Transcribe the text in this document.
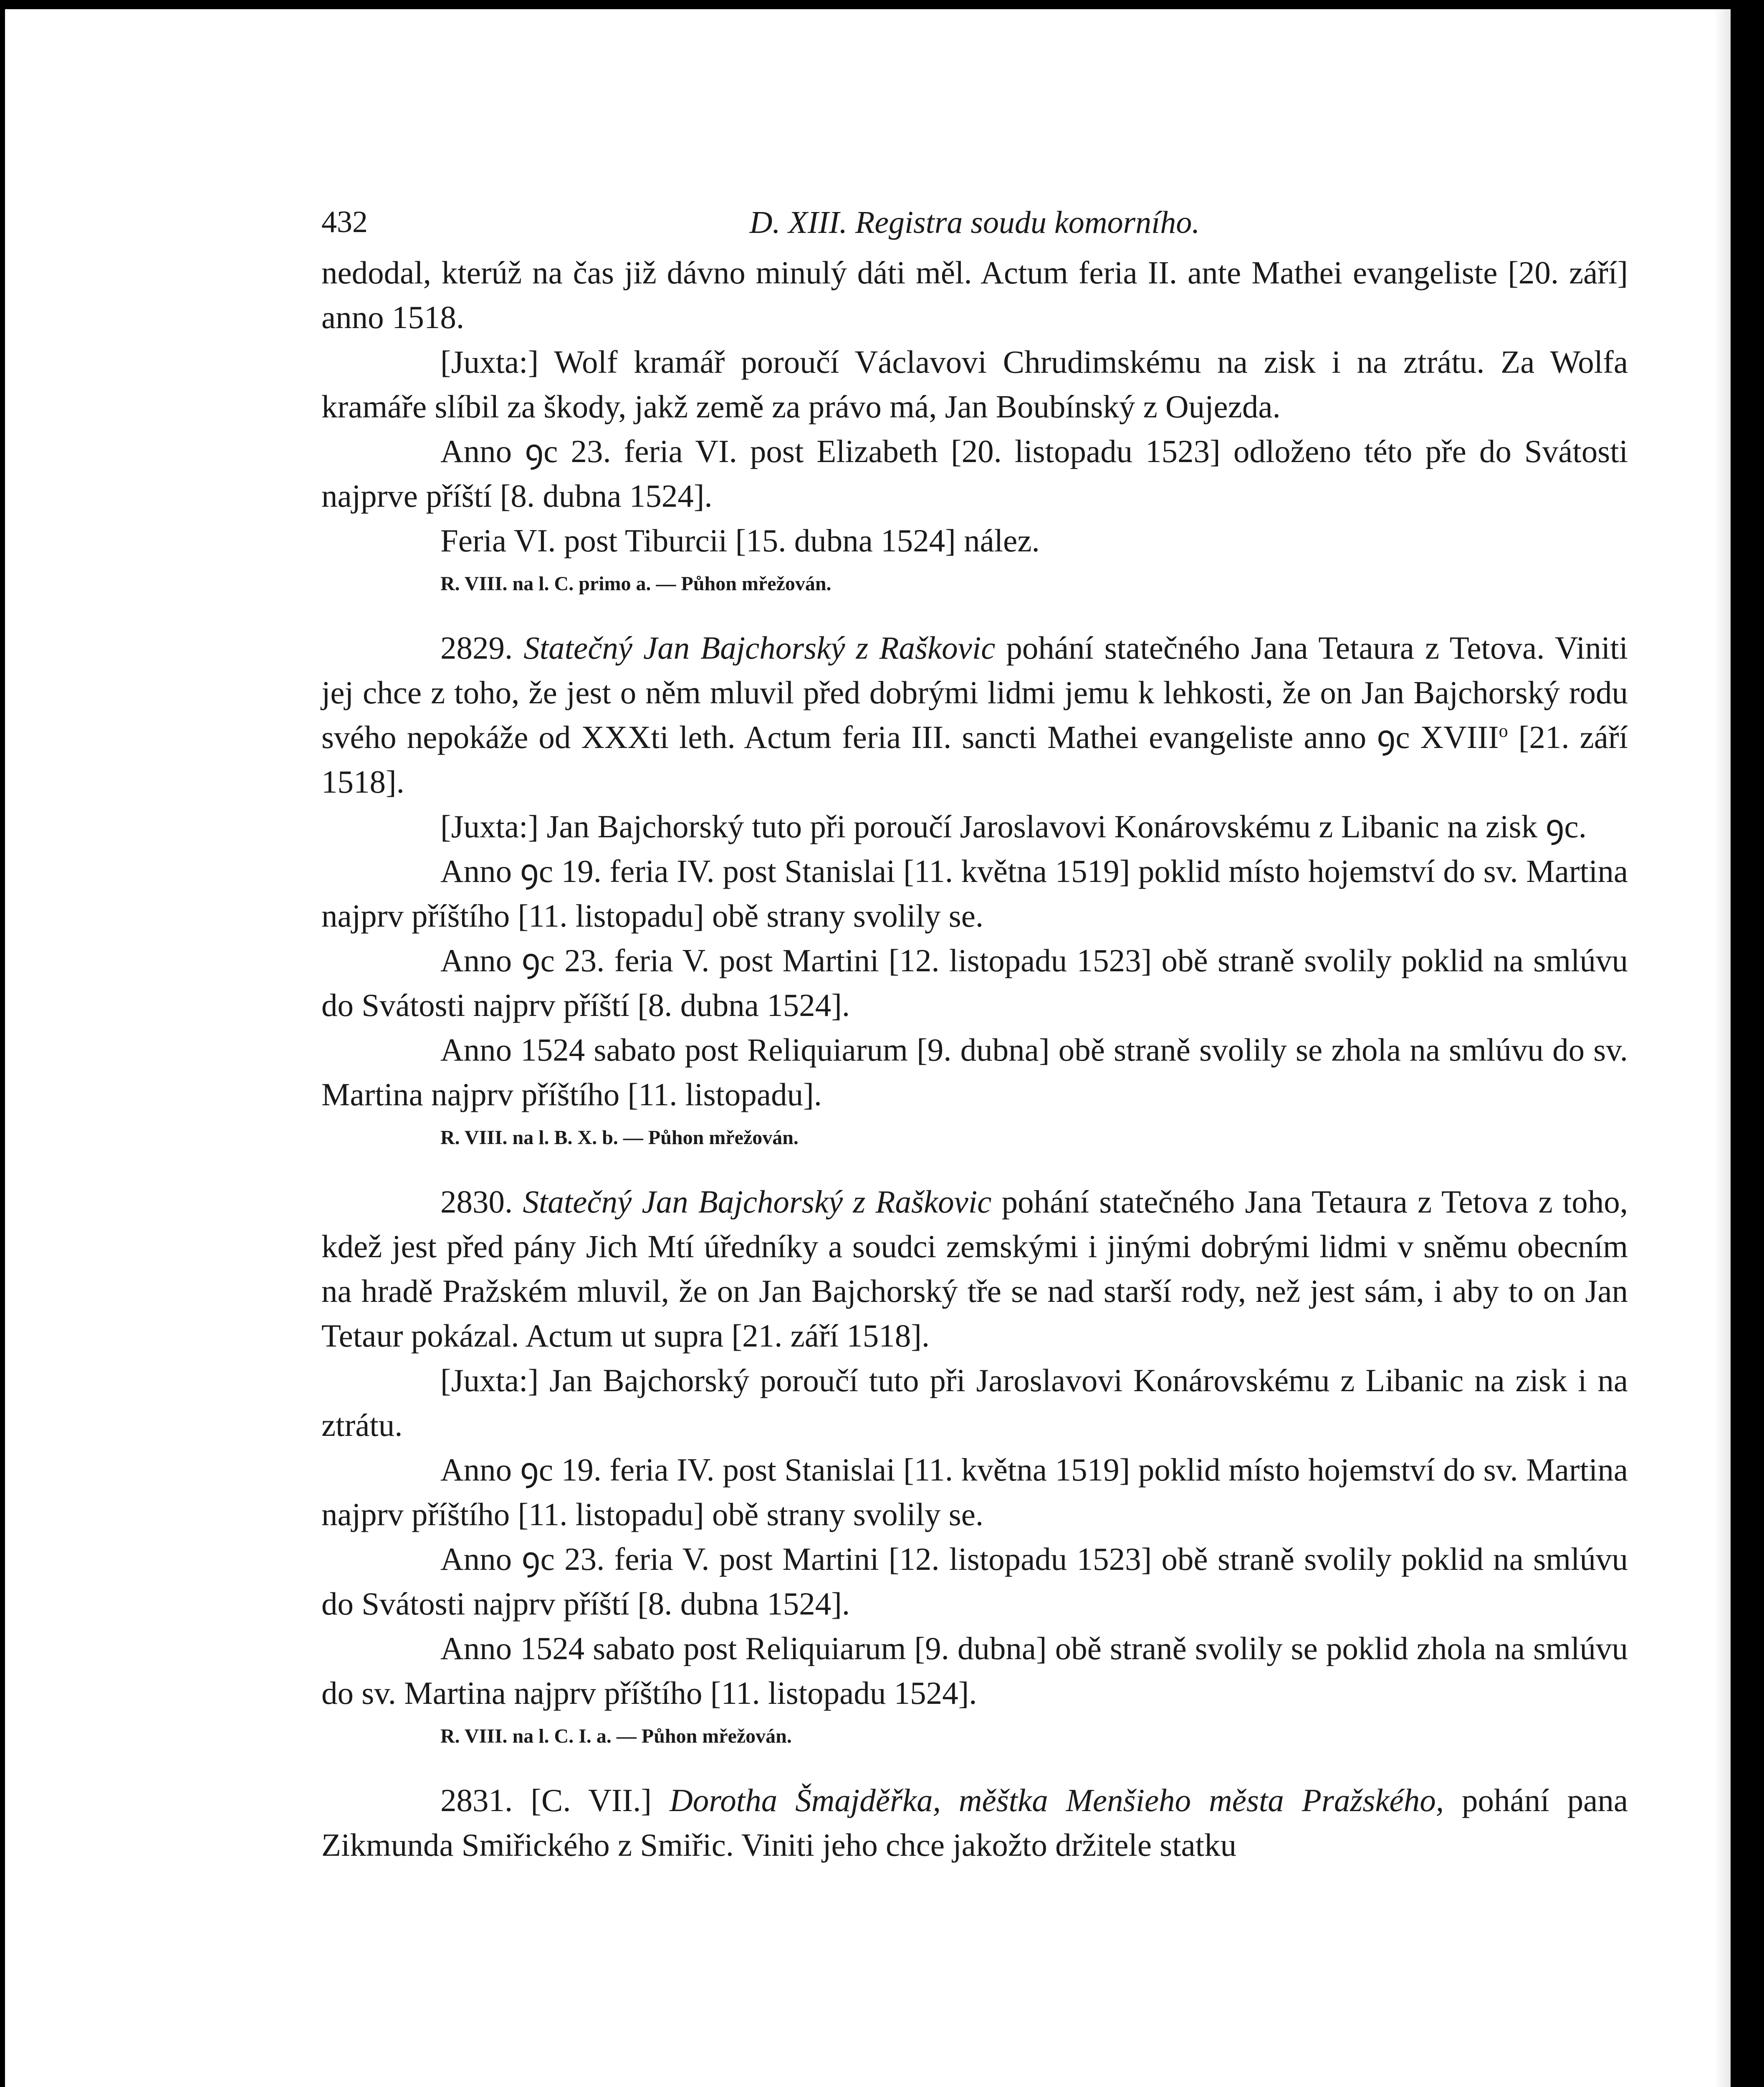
432	D. XIII. Registra soudu komorního.

nedodal, kterúž na čas již dávno minulý dáti měl. Actum feria II. ante Mathei evangeliste [20. září] anno 1518.

[Juxta:] Wolf kramář poroučí Václavovi Chrudimskému na zisk i na ztrátu. Za Wolfa kramáře slíbil za škody, jakž země za právo má, Jan Boubínský z Oujezda.

Anno ꝯc 23. feria VI. post Elizabeth [20. listopadu 1523] odloženo této pře do Svátosti najprve příští [8. dubna 1524].

Feria VI. post Tiburcii [15. dubna 1524] nález.

R. VIII. na l. C. primo a. — Půhon mřežován.

2829. Statečný Jan Bajchorský z Raškovic pohání statečného Jana Tetaura z Tetova. Viniti jej chce z toho, že jest o něm mluvil před dobrými lidmi jemu k lehkosti, že on Jan Bajchorský rodu svého nepokáže od XXXti leth. Actum feria III. sancti Mathei evangeliste anno ꝯc XVIII$^o$ [21. září 1518].

[Juxta:] Jan Bajchorský tuto při poroučí Jaroslavovi Konárovskému z Libanic na zisk ꝯc.

Anno ꝯc 19. feria IV. post Stanislai [11. května 1519] poklid místo hojemství do sv. Martina najprv příštího [11. listopadu] obě strany svolily se.

Anno ꝯc 23. feria V. post Martini [12. listopadu 1523] obě straně svolily poklid na smlúvu do Svátosti najprv příští [8. dubna 1524].

Anno 1524 sabato post Reliquiarum [9. dubna] obě straně svolily se zhola na smlúvu do sv. Martina najprv příštího [11. listopadu].

R. VIII. na l. B. X. b. — Půhon mřežován.

2830. Statečný Jan Bajchorský z Raškovic pohání statečného Jana Tetaura z Tetova z toho, kdež jest před pány Jich Mtí úředníky a soudci zemskými i jinými dobrými lidmi v sněmu obecním na hradě Pražském mluvil, že on Jan Bajchorský tře se nad starší rody, než jest sám, i aby to on Jan Tetaur pokázal. Actum ut supra [21. září 1518].

[Juxta:] Jan Bajchorský poroučí tuto při Jaroslavovi Konárovskému z Libanic na zisk i na ztrátu.

Anno ꝯc 19. feria IV. post Stanislai [11. května 1519] poklid místo hojemství do sv. Martina najprv příštího [11. listopadu] obě strany svolily se.

Anno ꝯc 23. feria V. post Martini [12. listopadu 1523] obě straně svolily poklid na smlúvu do Svátosti najprv příští [8. dubna 1524].

Anno 1524 sabato post Reliquiarum [9. dubna] obě straně svolily se poklid zhola na smlúvu do sv. Martina najprv příštího [11. listopadu 1524].

R. VIII. na l. C. I. a. — Půhon mřežován.

2831. [C. VII.] Dorotha Šmajděřka, měštka Menšieho města Pražského, pohání pana Zikmunda Smiřického z Smiřic. Viniti jeho chce jakožto držitele statku
